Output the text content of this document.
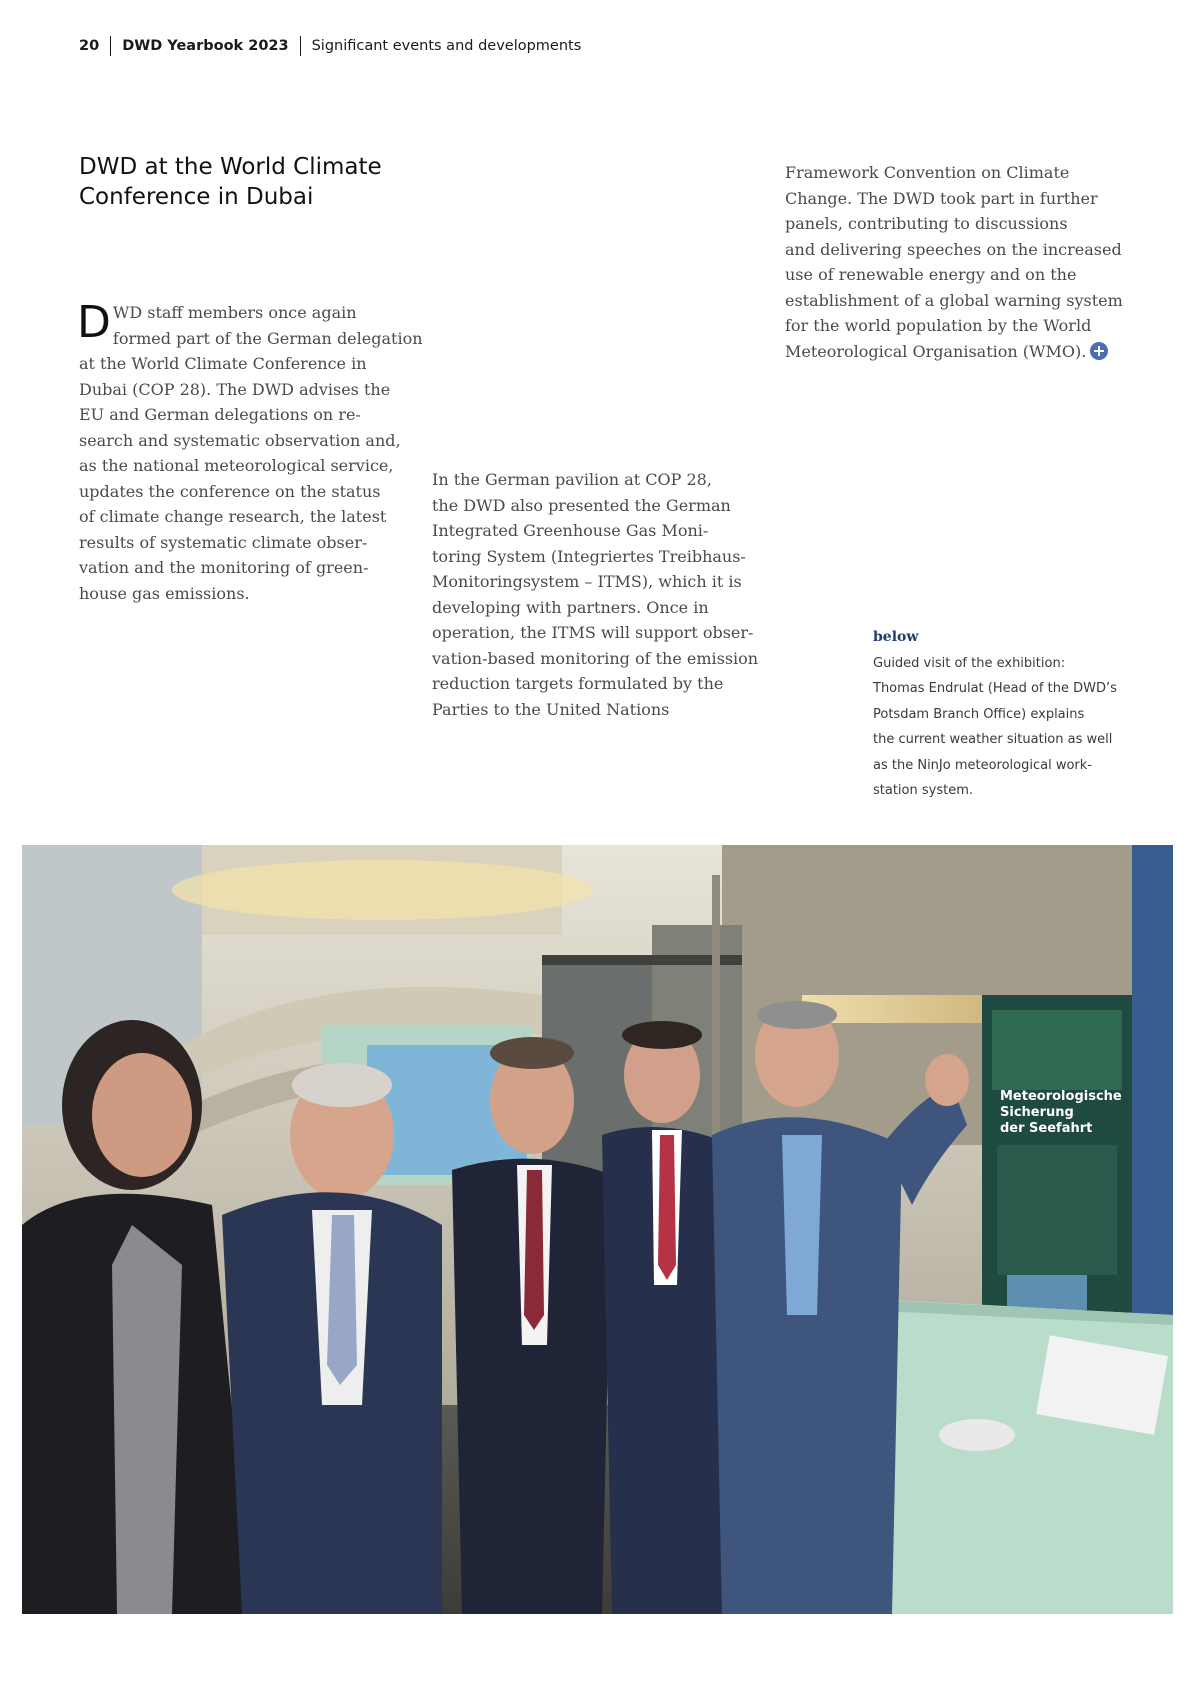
20 DWD Yearbook 2023 Significant events and developments
DWD at the World Climate
Conference in Dubai
D WD staff members once again
formed part of the German delegation
at the World Climate Conference in
Dubai (COP 28). The DWD advises the
EU and German delegations on re-
search and systematic observation and,
as the national meteorological service,
updates the conference on the status
of climate change research, the latest
results of systematic climate obser-
vation and the monitoring of green-
house gas emissions.
In the German pavilion at COP 28,
the DWD also presented the German
Integrated Greenhouse Gas Moni-
toring System (Integriertes Treibhaus-
Monitoringsystem – ITMS), which it is
developing with partners. Once in
operation, the ITMS will support obser-
vation-based monitoring of the emission
reduction targets formulated by the
Parties to the United Nations
Framework Convention on Climate
Change. The DWD took part in further
panels, contributing to discussions
and delivering speeches on the increased
use of renewable energy and on the
establishment of a global warning system
for the world population by the World
Meteorological Organisation (WMO).
below
Guided visit of the exhibition:
Thomas Endrulat (Head of the DWD’s
Potsdam Branch Office) explains
the current weather situation as well
as the NinJo meteorological work-
station system.
Meteorologische
Sicherung
der Seefahrt
